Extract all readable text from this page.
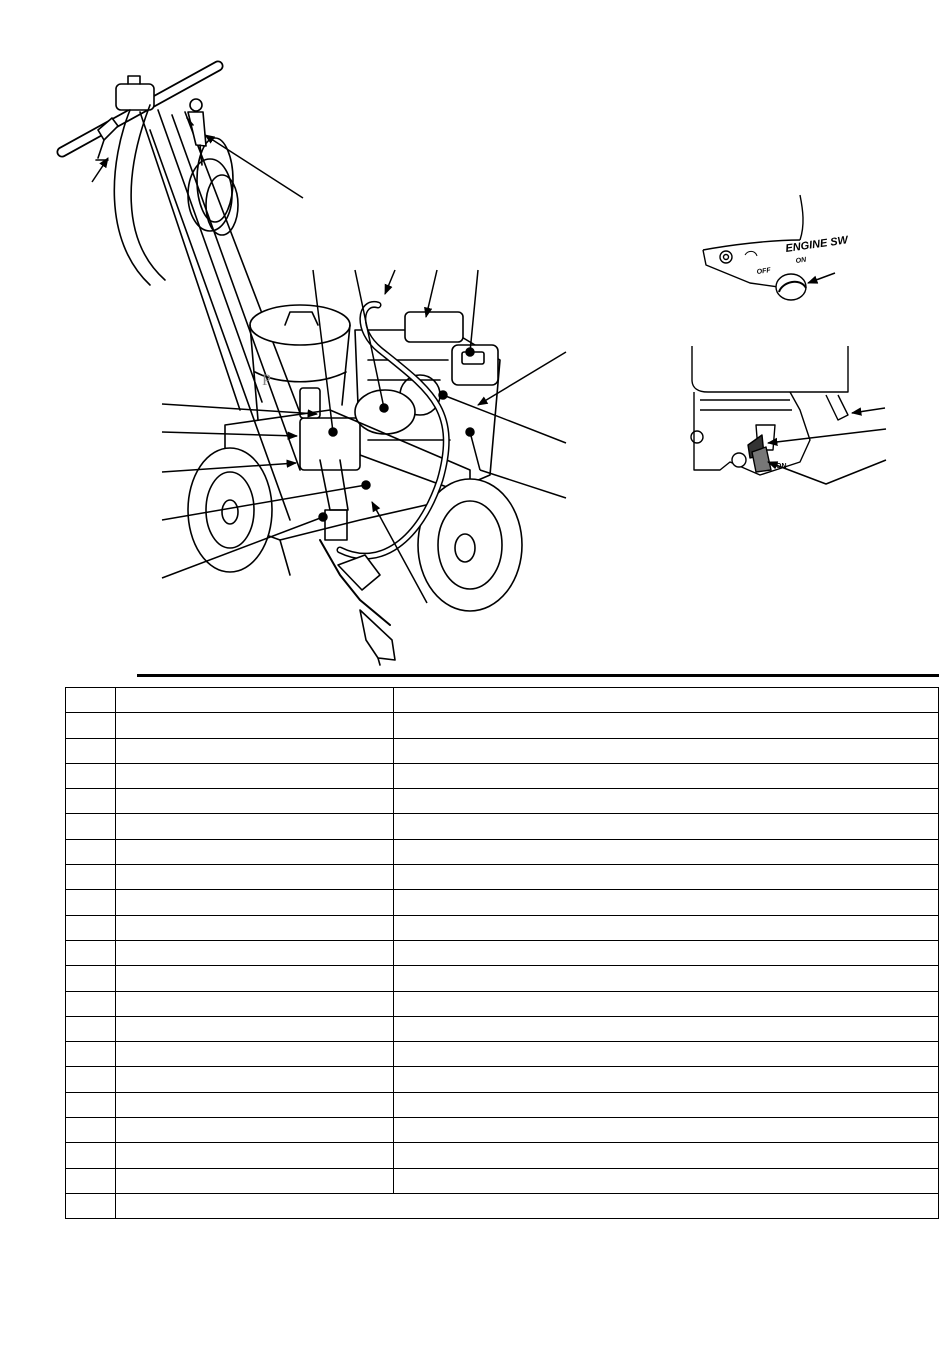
P
ENGINE SW
ON
OFF
ON
